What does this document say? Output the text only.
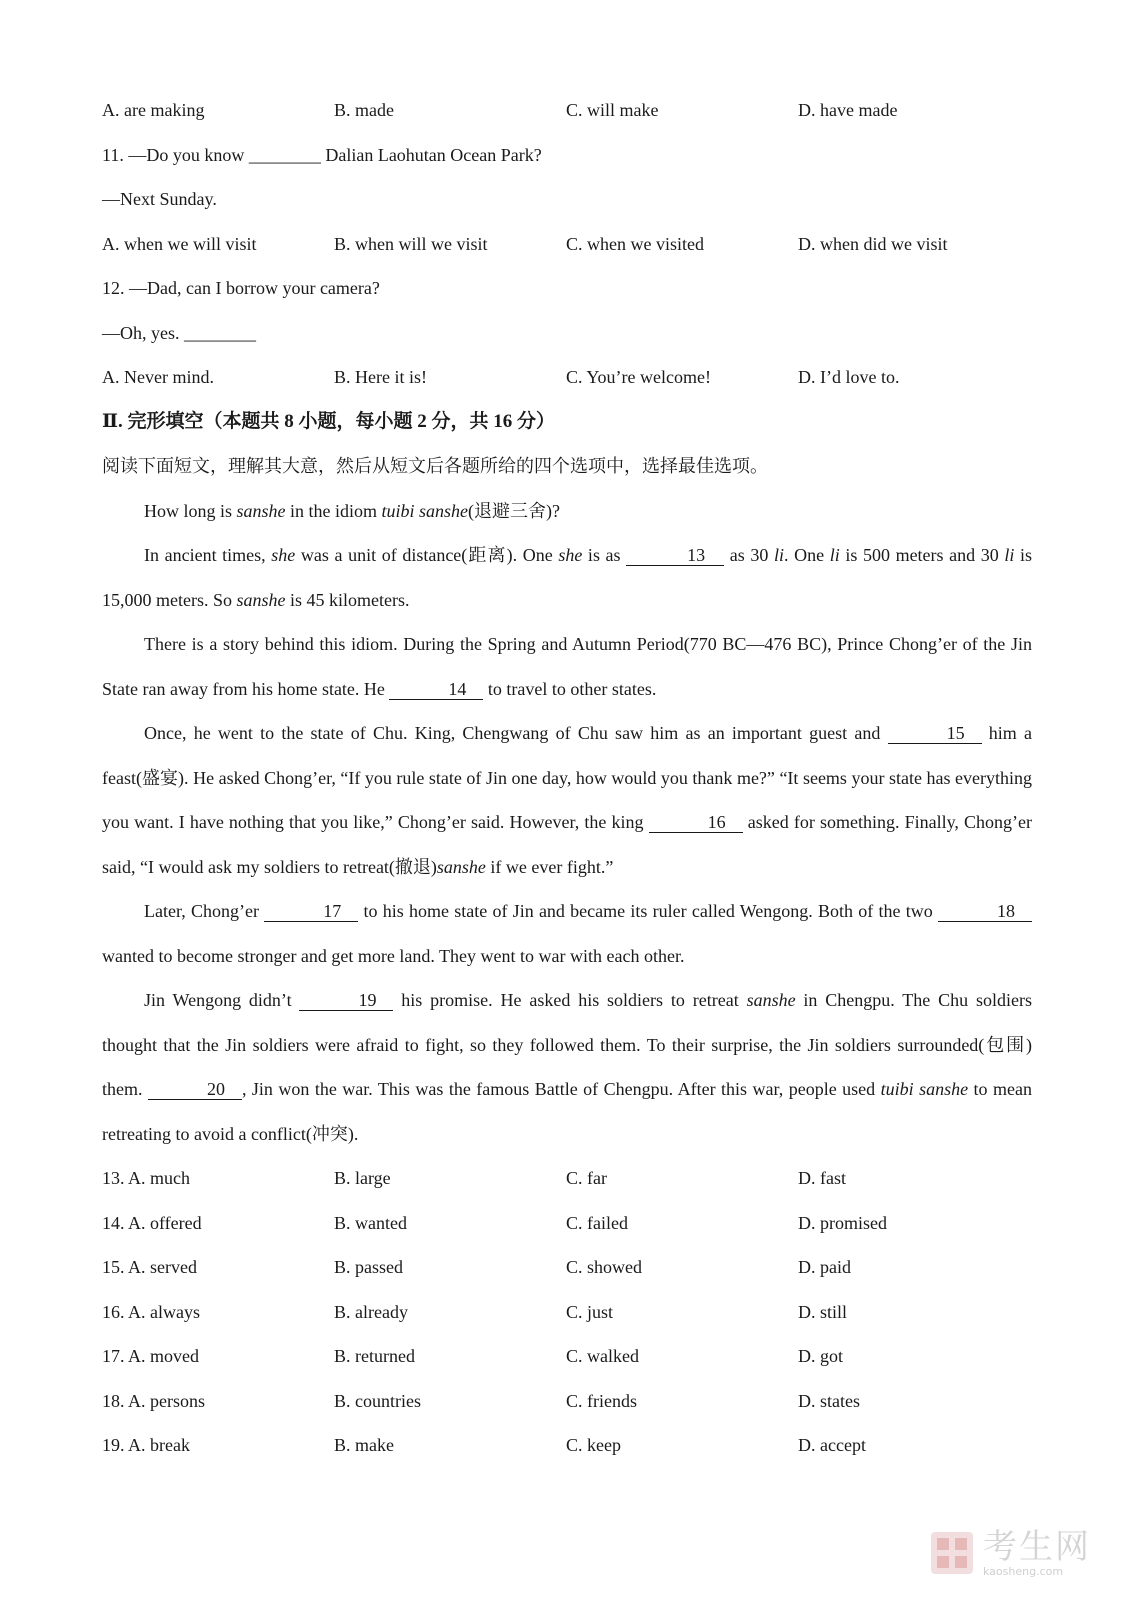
A. are making	B. made	C. will make	D. have made
11. —Do you know ________ Dalian Laohutan Ocean Park?
—Next Sunday.
A. when we will visit	B. when will we visit	C. when we visited	D. when did we visit
12. —Dad, can I borrow your camera?
—Oh, yes. ________
A. Never mind.	B. Here it is!	C. You’re welcome!	D. I’d love to.
Ⅱ. 完形填空（本题共 8 小题，每小题 2 分，共 16 分）
阅读下面短文，理解其大意，然后从短文后各题所给的四个选项中，选择最佳选项。
How long is sanshe in the idiom tuibi sanshe(退避三舍)?

In ancient times, she was a unit of distance(距离). One she is as	13 as 30 li. One li is 500 meters and 30 li is 15,000 meters. So sanshe is 45 kilometers.

There is a story behind this idiom. During the Spring and Autumn Period(770 BC—476 BC), Prince Chong’er of the Jin State ran away from his home state. He	14 to travel to other states.

Once, he went to the state of Chu. King, Chengwang of Chu saw him as an important guest and	15 him a feast(盛宴). He asked Chong’er, “If you rule state of Jin one day, how would you thank me?” “It seems your state has everything you want. I have nothing that you like,” Chong’er said. However, the king	16 asked for something. Finally, Chong’er said, “I would ask my soldiers to retreat(撤退)sanshe if we ever fight.”

Later, Chong’er	17 to his home state of Jin and became its ruler called Wengong. Both of the two	18 wanted to become stronger and get more land. They went to war with each other.

Jin Wengong didn’t	19 his promise. He asked his soldiers to retreat sanshe in Chengpu. The Chu soldiers thought that the Jin soldiers were afraid to fight, so they followed them. To their surprise, the Jin soldiers surrounded(包围) them.	20 , Jin won the war. This was the famous Battle of Chengpu. After this war, people used tuibi sanshe to mean retreating to avoid a conflict(冲突).

13. A. much	B. large	C. far	D. fast
14. A. offered	B. wanted	C. failed	D. promised
15. A. served	B. passed	C. showed	D. paid
16. A. always	B. already	C. just	D. still
17. A. moved	B. returned	C. walked	D. got
18. A. persons	B. countries	C. friends	D. states
19. A. break	B. make	C. keep	D. accept
考生网
kaosheng.com
